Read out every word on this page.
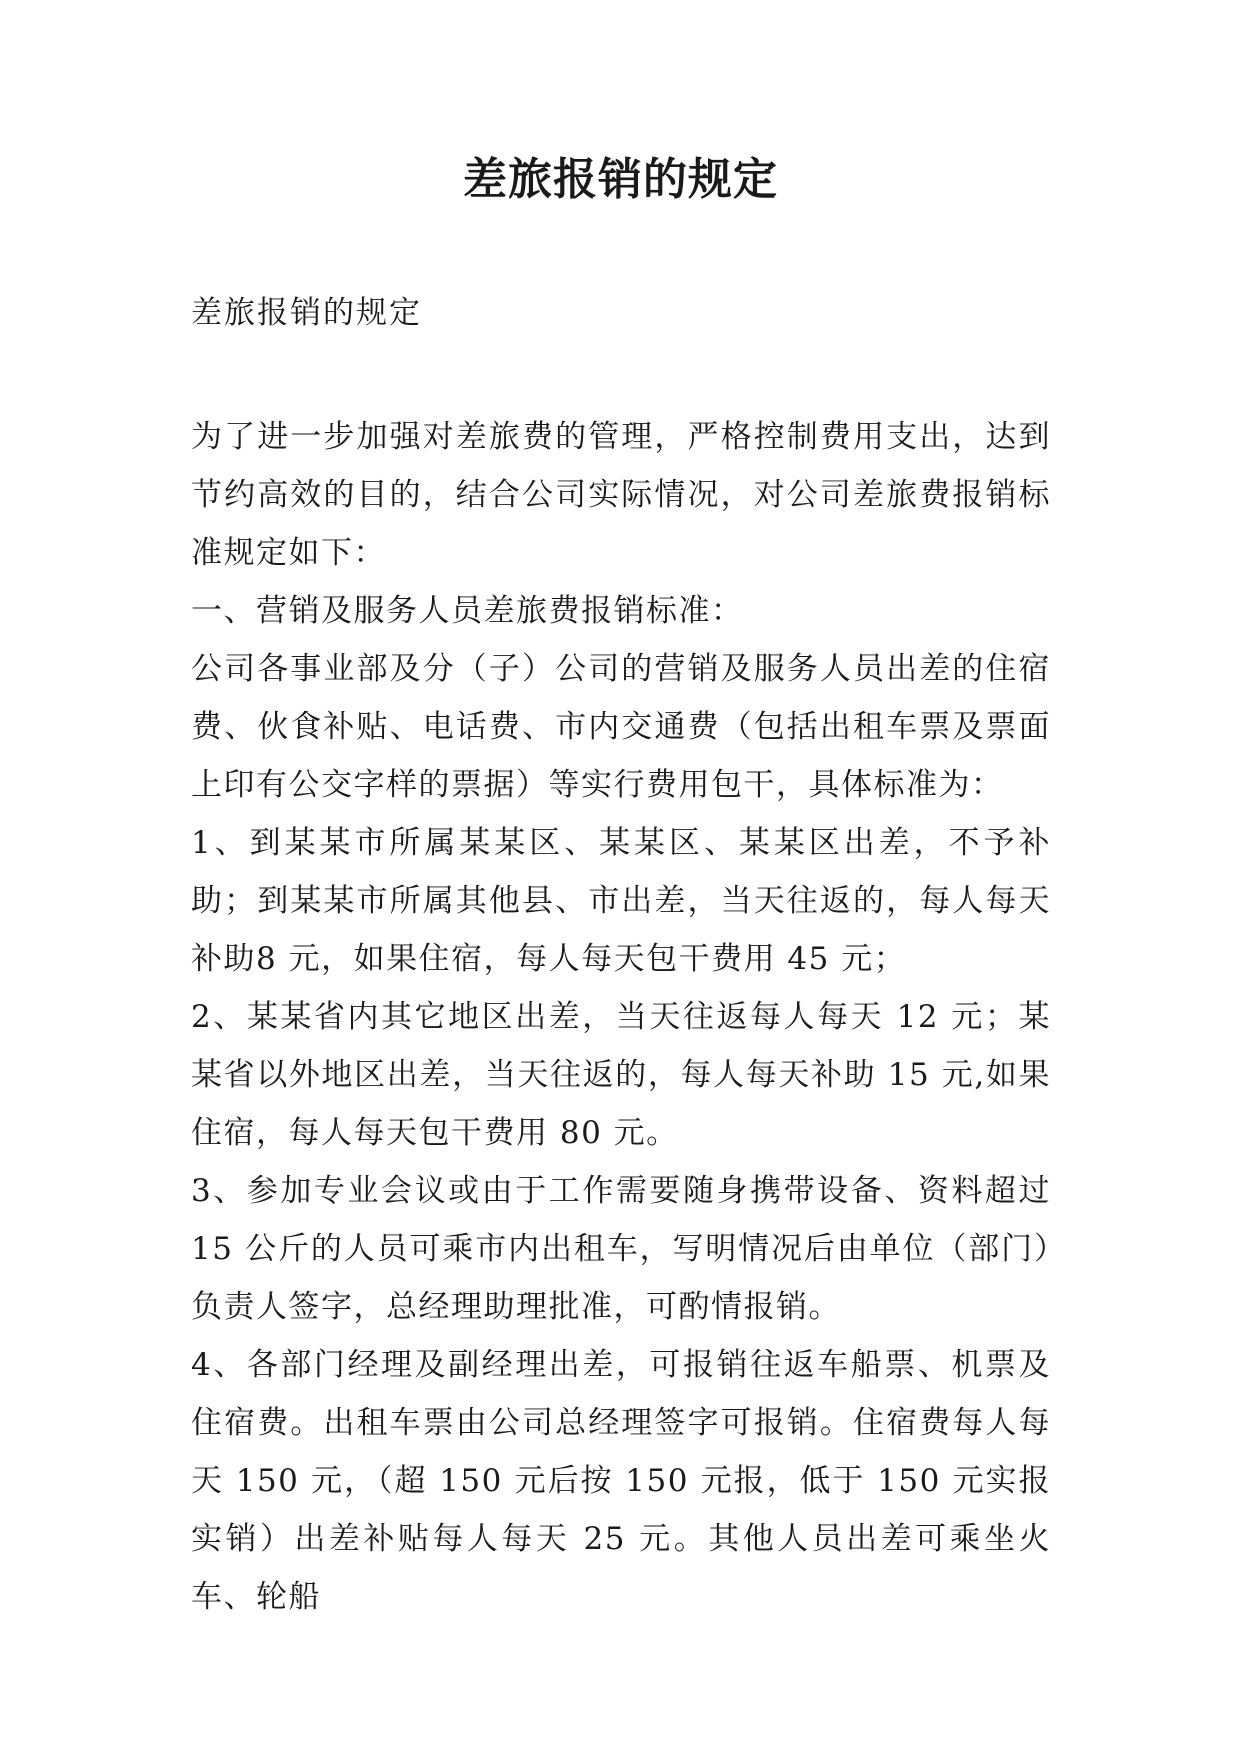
差旅报销的规定

差旅报销的规定

为了进一步加强对差旅费的管理，严格控制费用支出，达到节约高效的目的，结合公司实际情况，对公司差旅费报销标准规定如下：

一、营销及服务人员差旅费报销标准：

公司各事业部及分（子）公司的营销及服务人员出差的住宿费、伙食补贴、电话费、市内交通费（包括出租车票及票面上印有公交字样的票据）等实行费用包干，具体标准为：

1、到某某市所属某某区、某某区、某某区出差，不予补助；到某某市所属其他县、市出差，当天往返的，每人每天补助8 元，如果住宿，每人每天包干费用 45 元；

2、某某省内其它地区出差，当天往返每人每天 12 元；某某省以外地区出差，当天往返的，每人每天补助 15 元,如果住宿，每人每天包干费用 80 元。

3、参加专业会议或由于工作需要随身携带设备、资料超过 15 公斤的人员可乘市内出租车，写明情况后由单位（部门）负责人签字，总经理助理批准，可酌情报销。

4、各部门经理及副经理出差，可报销往返车船票、机票及住宿费。出租车票由公司总经理签字可报销。住宿费每人每天 150 元，（超 150 元后按 150 元报，低于 150 元实报实销）出差补贴每人每天 25 元。其他人员出差可乘坐火车、轮船
